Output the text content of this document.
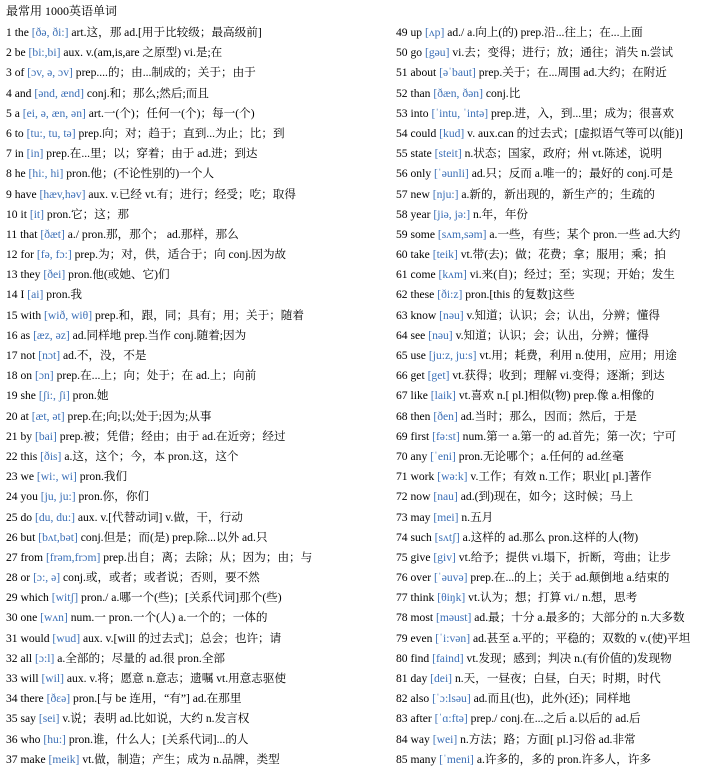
最常用 1000英语单词
1 the [ðə, ði:] art.这，那 ad.[用于比较级；最高级前]
2 be [bi:,bi] aux. v.(am,is,are 之原型) vi.是;在
3 of [ɔv, ə, ɔv] prep....的；由...制成的；关于；由于
4 and [ənd, ænd] conj.和；那么;然后;而且
5 a [ei, ə, æn, ən] art.一(个)；任何一(个)；每一(个)
6 to [tu:, tu, tə] prep.向；对；趋于；直到...为止；比；到
7 in [in] prep.在...里；以；穿着；由于 ad.进；到达
8 he [hi:, hi] pron.他；(不论性别的)一个人
9 have [hæv,həv] aux. v.已经 vt.有；进行；经受；吃；取得
10 it [it] pron.它；这；那
11 that [ðæt] a./ pron.那，那个； ad.那样，那么
12 for [fə, fɔ:] prep.为；对，供，适合于；向 conj.因为故
13 they [ðei] pron.他(或她、它)们
14 I [ai] pron.我
15 with [wið, wiθ] prep.和，跟，同；具有；用；关于；随着
16 as [æz, əz] ad.同样地 prep.当作 conj.随着;因为
17 not [nɔt] ad.不，没，不是
18 on [ɔn] prep.在...上；向；处于；在 ad.上；向前
19 she [ʃi:, ʃi] pron.她
20 at [æt, ət] prep.在;向;以;处于;因为;从事
21 by [bai] prep.被；凭借；经由；由于 ad.在近旁；经过
22 this [ðis] a.这，这个；今，本 pron.这，这个
23 we [wi:, wi] pron.我们
24 you [ju, ju:] pron.你，你们
25 do [du, du:] aux. v.[代替动词] v.做，干，行动
26 but [bʌt,bət] conj.但是；而(是) prep.除...以外 ad.只
27 from [frəm,frɔm] prep.出自；离；去除；从；因为；由；与
28 or [ɔ:, ə] conj.或，或者；或者说；否则，要不然
29 which [witʃ] pron./ a.哪一个(些)；[关系代词]那个(些)
30 one [wʌn] num.一 pron.一个(人) a.一个的；一体的
31 would [wud] aux. v.[will 的过去式]；总会；也许；请
32 all [ɔ:l] a.全部的；尽量的 ad.很 pron.全部
33 will [wil] aux. v.将；愿意 n.意志；遗嘱 vt.用意志驱使
34 there [ðεə] pron.[与 be 连用，“有”] ad.在那里
35 say [sei] v.说；表明 ad.比如说，大约 n.发言权
36 who [hu:] pron.谁，什么人；[关系代词]...的人
37 make [meik] vt.做，制造；产生；成为 n.品牌，类型
49 up [ʌp] ad./ a.向上(的) prep.沿...往上；在...上面
50 go [gəu] vi.去；变得；进行；放；通往；消失 n.尝试
51 about [əˈbaut] prep.关于；在...周围 ad.大约；在附近
52 than [ðæn, ðən] conj.比
53 into [ˈintu, ˈintə] prep.进，入，到...里；成为；很喜欢
54 could [kud] v. aux.can 的过去式；[虚拟语气等可以(能)]
55 state [steit] n.状态；国家，政府；州 vt.陈述，说明
56 only [ˈəunli] ad.只；反而 a.唯一的；最好的 conj.可是
57 new [nju:] a.新的，新出现的，新生产的；生疏的
58 year [jiə, jə:] n.年，年份
59 some [sʌm,səm] a.一些，有些；某个 pron.一些 ad.大约
60 take [teik] vt.带(去)；做；花费；拿；服用；乘；拍
61 come [kʌm] vi.来(自)；经过；至；实现；开始；发生
62 these [ði:z] pron.[this 的复数]这些
63 know [nəu] v.知道；认识；会；认出，分辨；懂得
64 see [nəu] v.知道；认识；会；认出，分辨；懂得
65 use [ju:z, ju:s] vt.用；耗费，利用 n.使用，应用；用途
66 get [get] vt.获得；收到；理解 vi.变得；逐渐；到达
67 like [laik] vt.喜欢 n.[ pl.]相似(物) prep.像 a.相像的
68 then [ðen] ad.当时；那么，因而；然后，于是
69 first [fə:st] num.第一 a.第一的 ad.首先；第一次；宁可
70 any [ˈeni] pron.无论哪个；a.任何的 ad.丝毫
71 work [wə:k] v.工作；有效 n.工作；职业[ pl.]著作
72 now [nau] ad.(到)现在，如今；这时候；马上
73 may [mei] n.五月
74 such [sʌtʃ] a.这样的 ad.那么 pron.这样的人(物)
75 give [giv] vt.给予；提供 vi.塌下，折断，弯曲；让步
76 over [ˈəuvə] prep.在...的上；关于 ad.颠倒地 a.结束的
77 think [θiŋk] vt.认为；想；打算 vi./ n.想，思考
78 most [məust] ad.最；十分 a.最多的；大部分的 n.大多数
79 even [ˈi:vən] ad.甚至 a.平的；平稳的；双数的 v.(使)平坦
80 find [faind] vt.发现；感到；判决 n.(有价值的)发现物
81 day [dei] n.天，一昼夜；白昼，白天；时期，时代
82 also [ˈɔ:lsəu] ad.而且(也)，此外(还)；同样地
83 after [ˈɑ:ftə] prep./ conj.在...之后 a.以后的 ad.后
84 way [wei] n.方法；路；方面[ pl.]习俗 ad.非常
85 many [ˈmeni] a.许多的，多的 pron.许多人，许多
